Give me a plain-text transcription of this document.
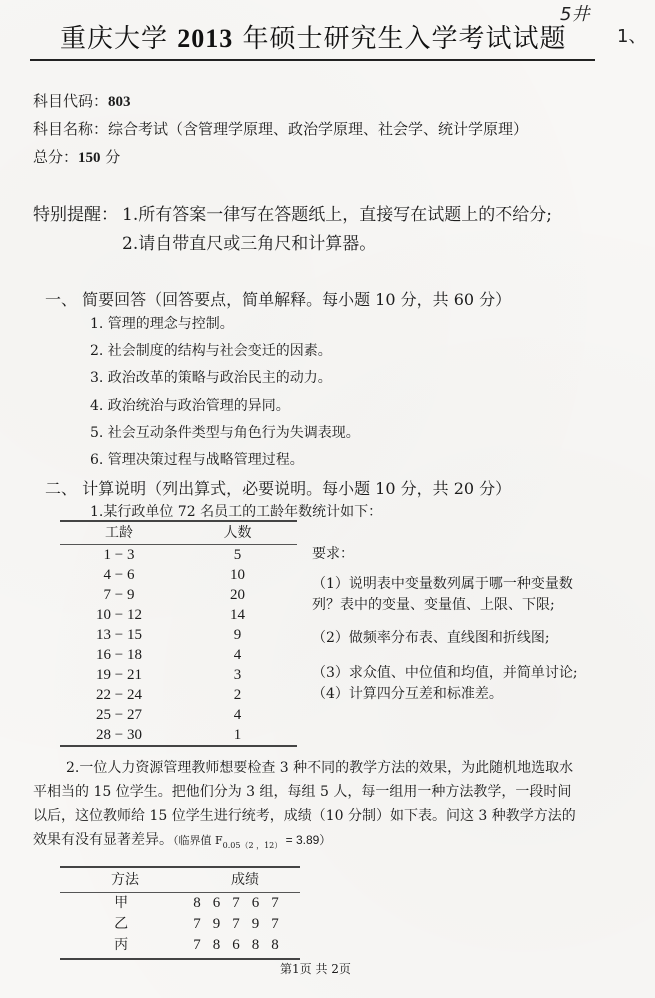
重庆大学 2013 年硕士研究生入学考试试题
5井
1、
科目代码：803
科目名称：综合考试（含管理学原理、政治学原理、社会学、统计学原理）
总分：150 分
特别提醒： 1.所有答案一律写在答题纸上，直接写在试题上的不给分;
2.请自带直尺或三角尺和计算器。
一、 简要回答（回答要点，简单解释。每小题 10 分，共 60 分）
1. 管理的理念与控制。
2. 社会制度的结构与社会变迁的因素。
3. 政治改革的策略与政治民主的动力。
4. 政治统治与政治管理的异同。
5. 社会互动条件类型与角色行为失调表现。
6. 管理决策过程与战略管理过程。
二、 计算说明（列出算式，必要说明。每小题 10 分，共 20 分）
1.某行政单位 72 名员工的工龄年数统计如下：
工龄	人数
1 − 3	5
4 − 6	10
7 − 9	20
10 − 12	14
13 − 15	9
16 − 18	4
19 − 21	3
22 − 24	2
25 − 27	4
28 − 30	1
要求：
（1）说明表中变量数列属于哪一种变量数
列？表中的变量、变量值、上限、下限;
（2）做频率分布表、直线图和折线图;
（3）求众值、中位值和均值，并简单讨论;
（4）计算四分互差和标准差。
2.一位人力资源管理教师想要检查 3 种不同的教学方法的效果，为此随机地选取水
平相当的 15 位学生。把他们分为 3 组，每组 5 人，每一组用一种方法教学，一段时间
以后，这位教师给 15 位学生进行统考，成绩（10 分制）如下表。问这 3 种教学方法的
效果有没有显著差异。（临界值 $F_{0.05(2 ,12)} = 3.89$）
方法	成绩
甲	8 6 7 6 7
乙	7 9 7 9 7
丙	7 8 6 8 8
第1页 共 2页
